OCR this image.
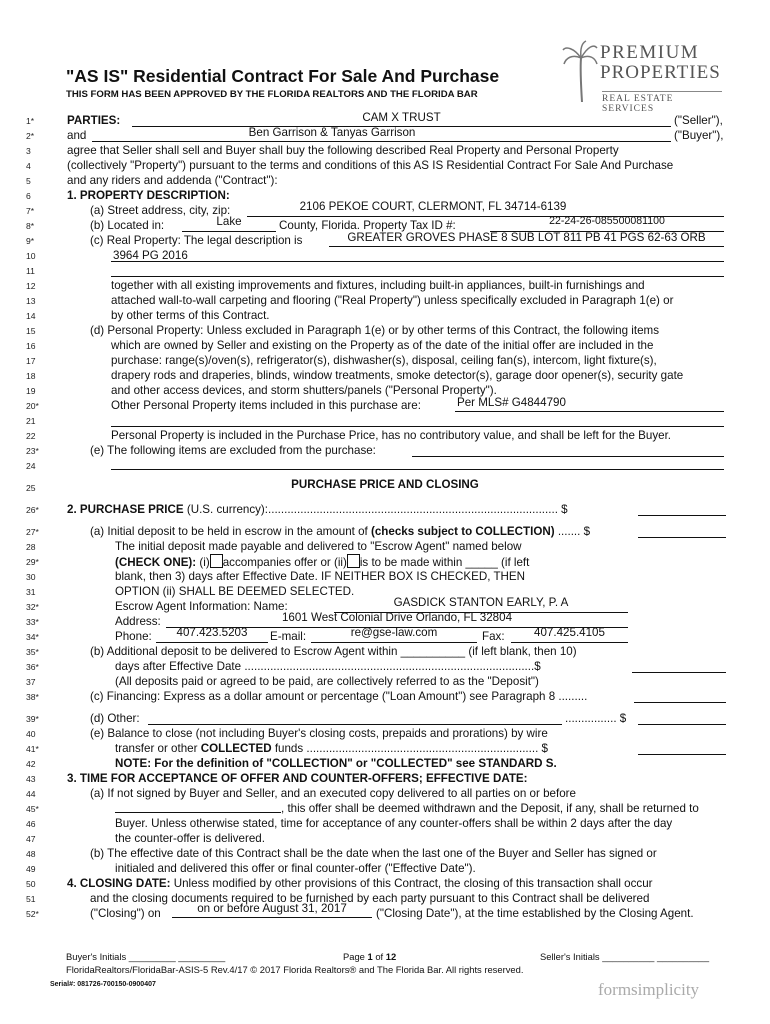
PREMIUM
PROPERTIES
REAL ESTATE SERVICES
"AS IS" Residential Contract For Sale And Purchase
THIS FORM HAS BEEN APPROVED BY THE FLORIDA REALTORS AND THE FLORIDA BAR
1*
2*
3
4
5
6
7*
8*
9*
10
11
12
13
14
15
16
17
18
19
20*
21
22
23*
24
25
26*
27*
28
29*
30
31
32*
33*
34*
35*
36*
37
38*
39*
40
41*
42
43
44
45*
46
47
48
49
50
51
52*
PARTIES:	CAM X TRUST	("Seller"),
and	Ben Garrison & Tanyas Garrison	("Buyer"),
agree that Seller shall sell and Buyer shall buy the following described Real Property and Personal Property
(collectively "Property") pursuant to the terms and conditions of this AS IS Residential Contract For Sale And Purchase
and any riders and addenda ("Contract"):
1. PROPERTY DESCRIPTION:
(a) Street address, city, zip:	2106 PEKOE COURT, CLERMONT, FL 34714-6139
(b) Located in:	Lake	County, Florida. Property Tax ID #:	22-24-26-085500081100
(c) Real Property: The legal description is	GREATER GROVES PHASE 8 SUB LOT 811 PB 41 PGS 62-63 ORB
3964 PG 2016
together with all existing improvements and fixtures, including built-in appliances, built-in furnishings and
attached wall-to-wall carpeting and flooring ("Real Property") unless specifically excluded in Paragraph 1(e) or
by other terms of this Contract.
(d) Personal Property: Unless excluded in Paragraph 1(e) or by other terms of this Contract, the following items
which are owned by Seller and existing on the Property as of the date of the initial offer are included in the
purchase: range(s)/oven(s), refrigerator(s), dishwasher(s), disposal, ceiling fan(s), intercom, light fixture(s),
drapery rods and draperies, blinds, window treatments, smoke detector(s), garage door opener(s), security gate
and other access devices, and storm shutters/panels ("Personal Property").
Other Personal Property items included in this purchase are:	Per MLS# G4844790
Personal Property is included in the Purchase Price, has no contributory value, and shall be left for the Buyer.
(e) The following items are excluded from the purchase:
PURCHASE PRICE AND CLOSING
2. PURCHASE PRICE (U.S. currency):.......................................................................................... $
(a) Initial deposit to be held in escrow in the amount of (checks subject to COLLECTION) ....... $
The initial deposit made payable and delivered to "Escrow Agent" named below
(CHECK ONE): (i) accompanies offer or (ii) is to be made within _____ (if left
blank, then 3) days after Effective Date. IF NEITHER BOX IS CHECKED, THEN
OPTION (ii) SHALL BE DEEMED SELECTED.
Escrow Agent Information: Name:	GASDICK STANTON EARLY, P. A
Address:	1601 West Colonial Drive Orlando, FL 32804
Phone:	407.423.5203	E-mail:	re@gse-law.com	Fax:	407.425.4105
(b) Additional deposit to be delivered to Escrow Agent within __________ (if left blank, then 10)
days after Effective Date ..........................................................................................$
(All deposits paid or agreed to be paid, are collectively referred to as the "Deposit")
(c) Financing: Express as a dollar amount or percentage ("Loan Amount") see Paragraph 8 .........
(d) Other:	................ $
(e) Balance to close (not including Buyer's closing costs, prepaids and prorations) by wire
transfer or other COLLECTED funds ........................................................................ $
NOTE: For the definition of "COLLECTION" or "COLLECTED" see STANDARD S.
3. TIME FOR ACCEPTANCE OF OFFER AND COUNTER-OFFERS; EFFECTIVE DATE:
(a) If not signed by Buyer and Seller, and an executed copy delivered to all parties on or before
, this offer shall be deemed withdrawn and the Deposit, if any, shall be returned to
Buyer. Unless otherwise stated, time for acceptance of any counter-offers shall be within 2 days after the day
the counter-offer is delivered.
(b) The effective date of this Contract shall be the date when the last one of the Buyer and Seller has signed or
initialed and delivered this offer or final counter-offer ("Effective Date").
4. CLOSING DATE: Unless modified by other provisions of this Contract, the closing of this transaction shall occur
and the closing documents required to be furnished by each party pursuant to this Contract shall be delivered
("Closing") on	on or before August 31, 2017	("Closing Date"), at the time established by the Closing Agent.
Buyer's Initials _________ _________	Page 1 of 12	Seller's Initials __________ __________
FloridaRealtors/FloridaBar-ASIS-5 Rev.4/17 © 2017 Florida Realtors® and The Florida Bar. All rights reserved.
Serial#: 081726-700150-0900407	formsimplicity
